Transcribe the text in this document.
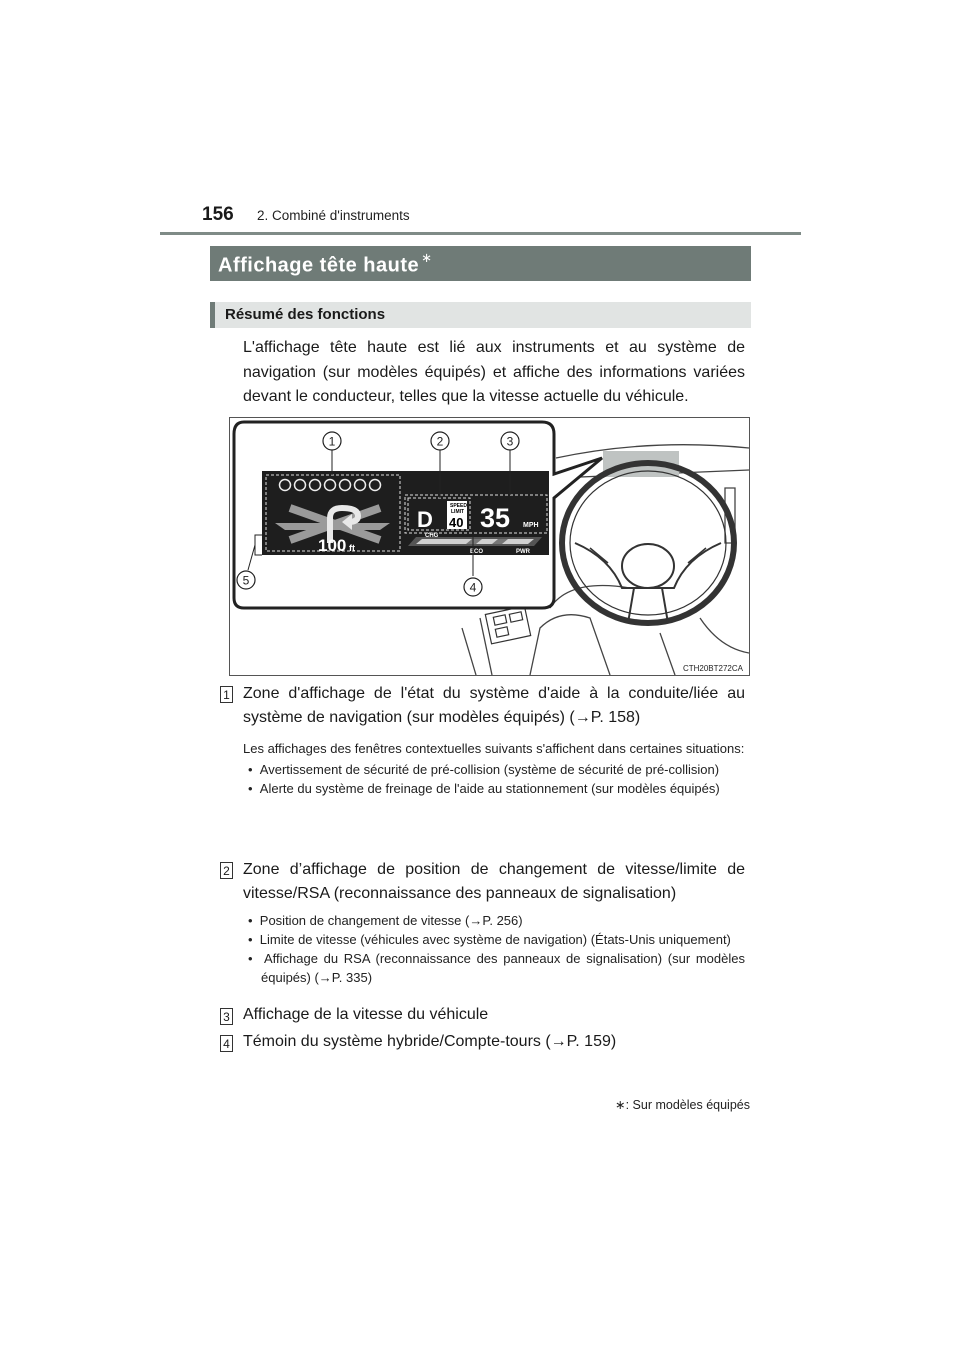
156 2. Combiné d'instruments
Affichage tête haute ∗
Résumé des fonctions
L'affichage tête haute est lié aux instruments et au système de navigation (sur modèles équipés) et affiche des informations variées devant le conducteur, telles que la vitesse actuelle du véhicule.
100 ft
D
SPEED
LIMIT
40 35 MPH
CHG
ECO	PWR
1	2	3
4
5
CTH20BT272CA
1 Zone d'affichage de l'état du système d'aide à la conduite/liée au système de navigation (sur modèles équipés) (→P. 158)
Les affichages des fenêtres contextuelles suivants s'affichent dans certaines situations:
•  Avertissement de sécurité de pré-collision (système de sécurité de pré-collision)
•  Alerte du système de freinage de l'aide au stationnement (sur modèles équipés)
2 Zone d’affichage de position de changement de vitesse/limite de vitesse/RSA (reconnaissance des panneaux de signalisation)
•  Position de changement de vitesse (→P. 256)
•  Limite de vitesse (véhicules avec système de navigation) (États-Unis uniquement)
•  Affichage du RSA (reconnaissance des panneaux de signalisation) (sur modèles équipés) (→P. 335)
3 Affichage de la vitesse du véhicule
4 Témoin du système hybride/Compte-tours (→P. 159)
∗: Sur modèles équipés
